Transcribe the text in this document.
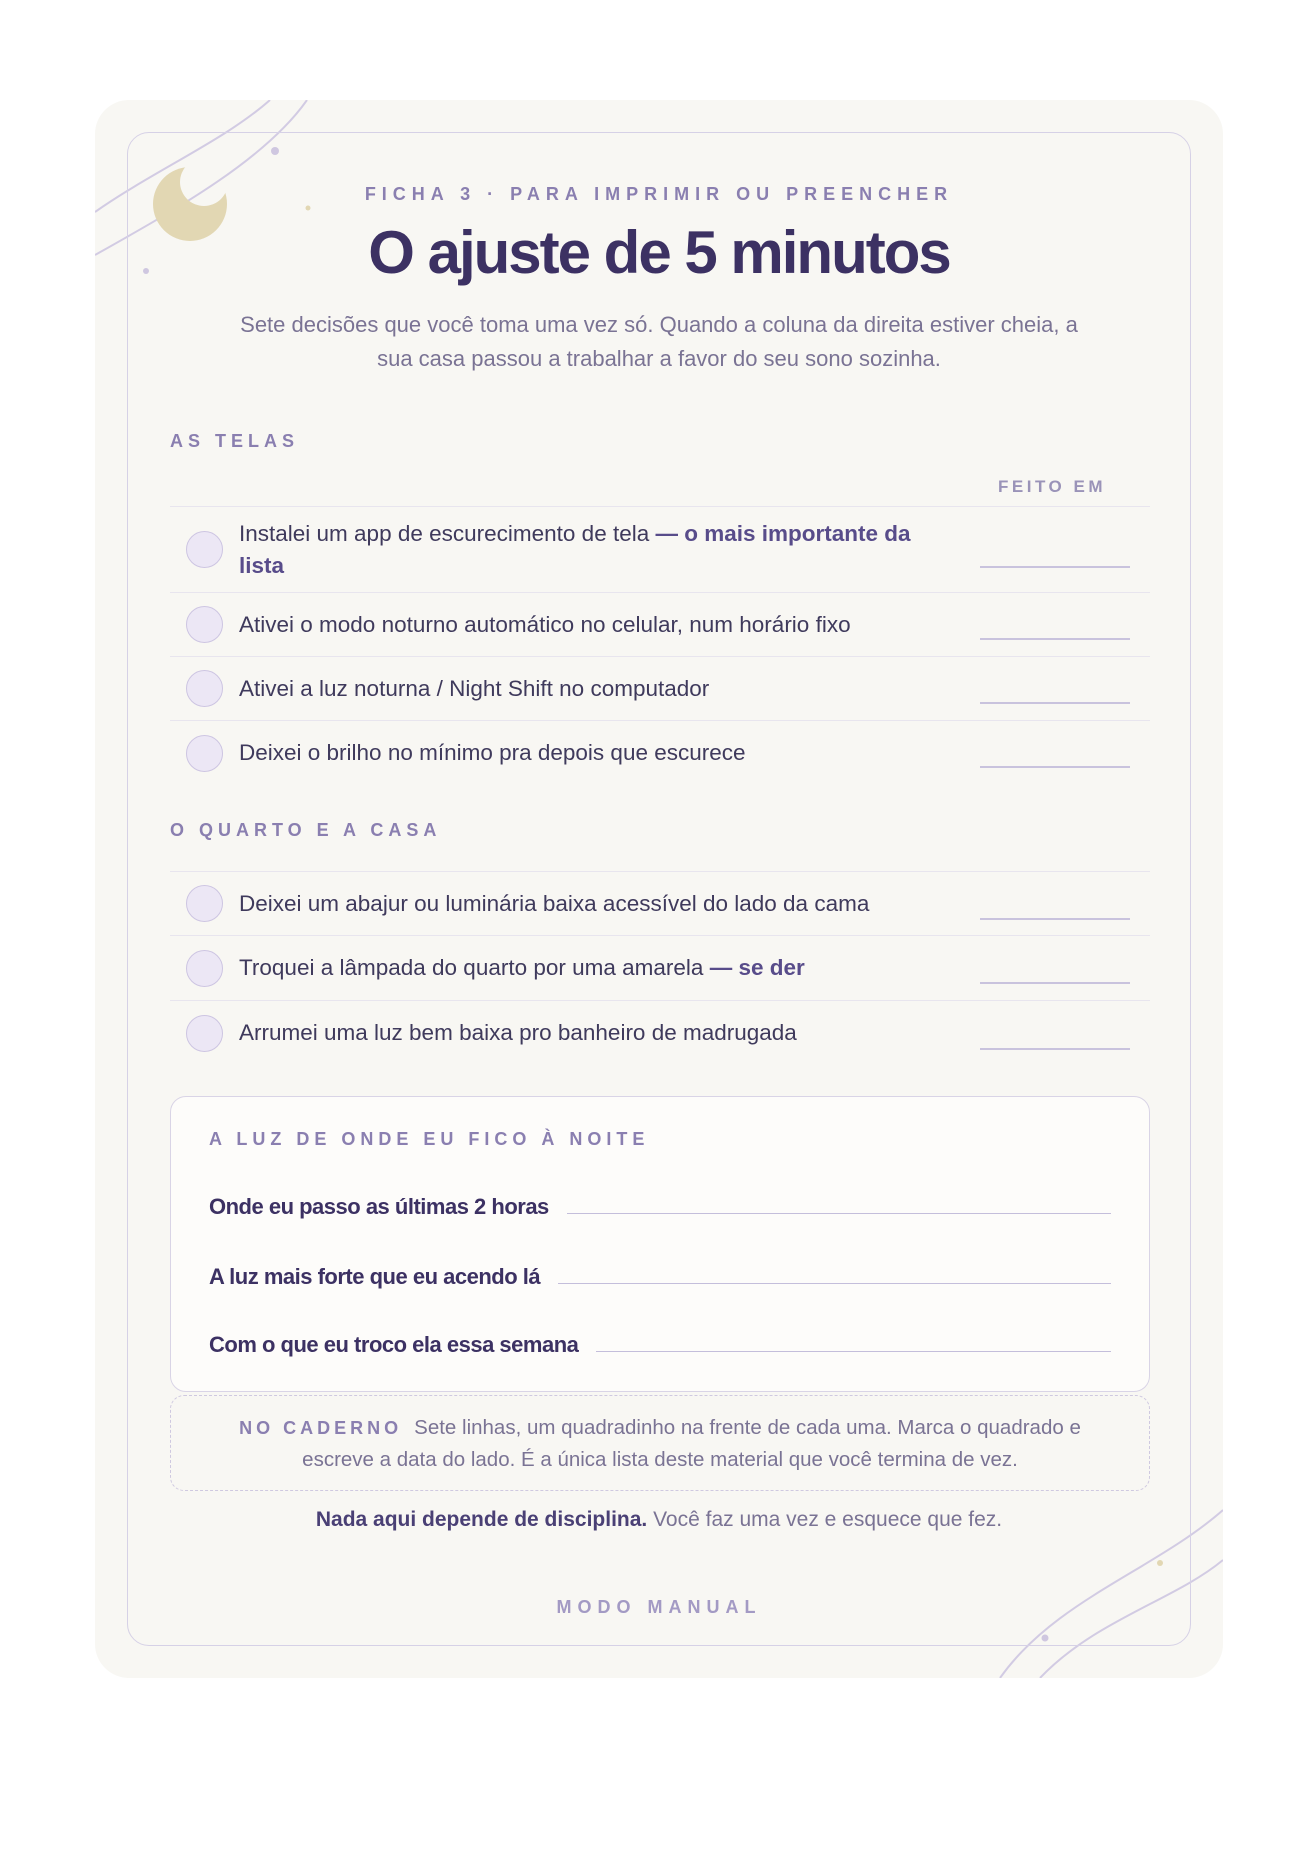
FICHA 3 · PARA IMPRIMIR OU PREENCHER
O ajuste de 5 minutos
Sete decisões que você toma uma vez só. Quando a coluna da direita estiver cheia, a sua casa passou a trabalhar a favor do seu sono sozinha.
AS TELAS
FEITO EM
Instalei um app de escurecimento de tela — o mais importante da lista
Ativei o modo noturno automático no celular, num horário fixo
Ativei a luz noturna / Night Shift no computador
Deixei o brilho no mínimo pra depois que escurece
O QUARTO E A CASA
Deixei um abajur ou luminária baixa acessível do lado da cama
Troquei a lâmpada do quarto por uma amarela — se der
Arrumei uma luz bem baixa pro banheiro de madrugada
A LUZ DE ONDE EU FICO À NOITE
Onde eu passo as últimas 2 horas
A luz mais forte que eu acendo lá
Com o que eu troco ela essa semana
NO CADERNO Sete linhas, um quadradinho na frente de cada uma. Marca o quadrado e escreve a data do lado. É a única lista deste material que você termina de vez.
Nada aqui depende de disciplina. Você faz uma vez e esquece que fez.
MODO MANUAL
